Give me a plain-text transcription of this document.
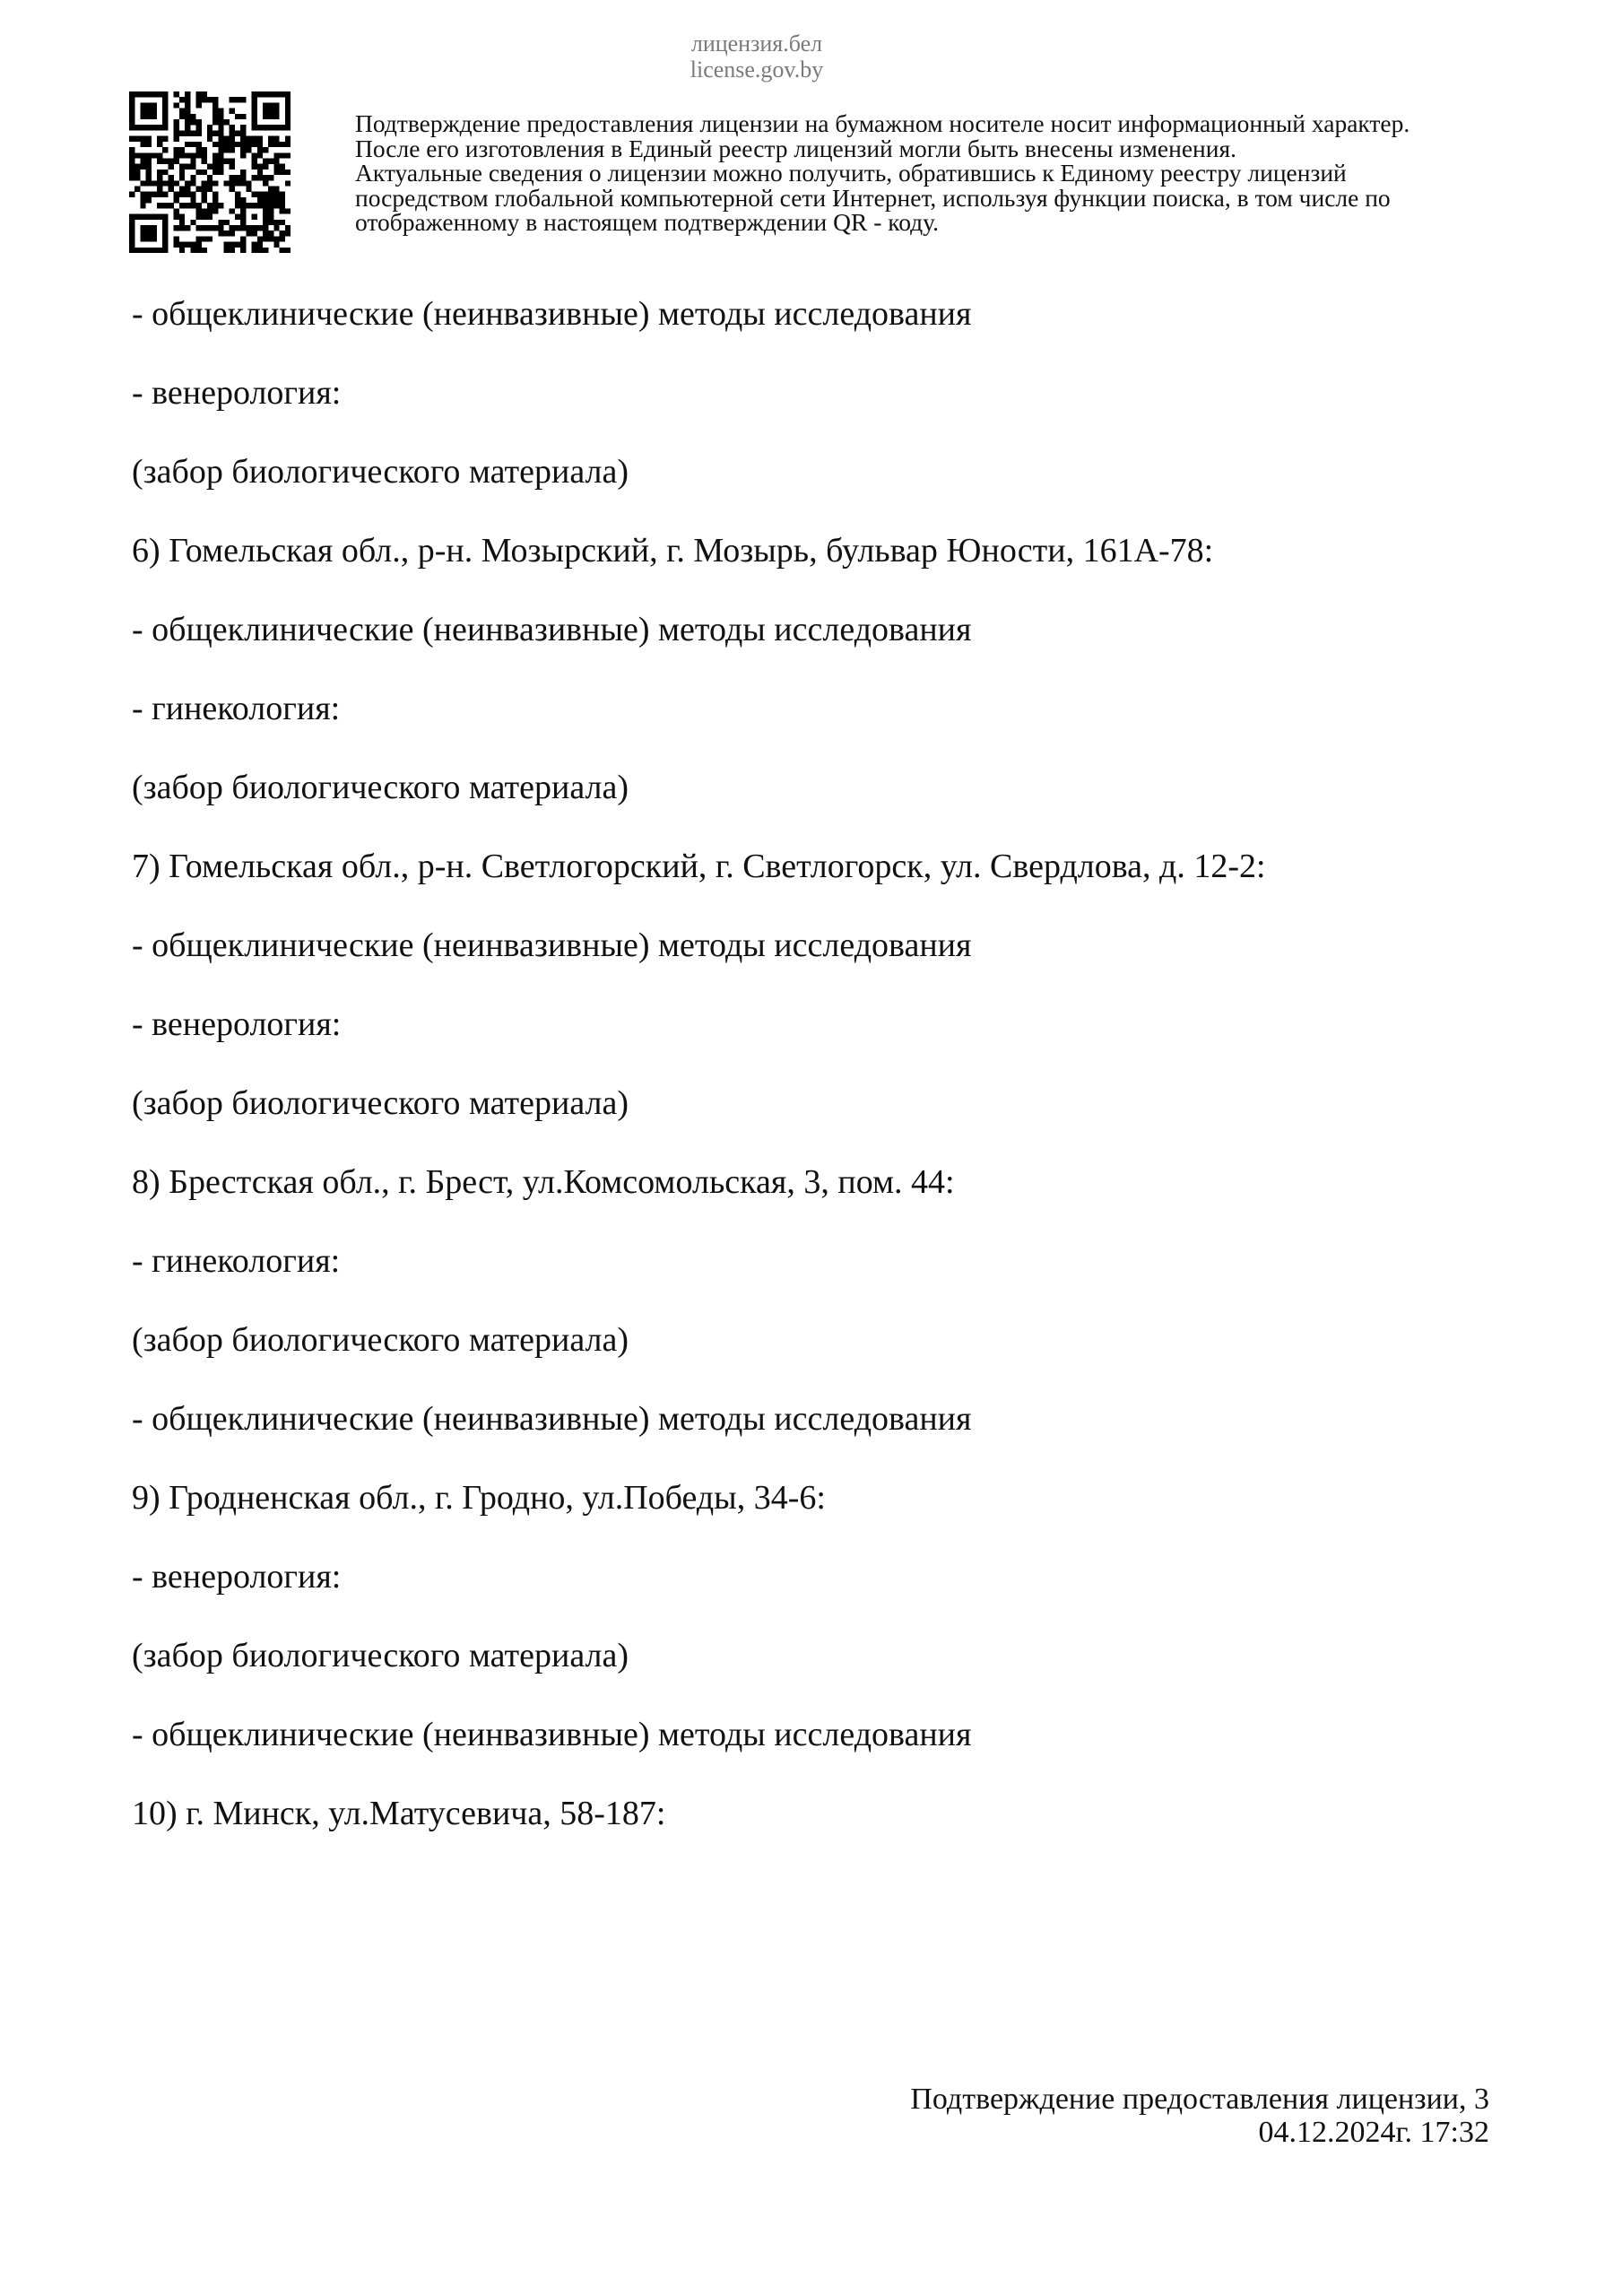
лицензия.бел
license.gov.by
Подтверждение предоставления лицензии на бумажном носителе носит информационный характер.
После его изготовления в Единый реестр лицензий могли быть внесены изменения.
Актуальные сведения о лицензии можно получить, обратившись к Единому реестру лицензий
посредством глобальной компьютерной сети Интернет, используя функции поиска, в том числе по
отображенному в настоящем подтверждении QR - коду.
- общеклинические (неинвазивные) методы исследования
- венерология:
(забор биологического материала)
6) Гомельская обл., р-н. Мозырский, г. Мозырь, бульвар Юности, 161А-78:
- общеклинические (неинвазивные) методы исследования
- гинекология:
(забор биологического материала)
7) Гомельская обл., р-н. Светлогорский, г. Светлогорск, ул. Свердлова, д. 12-2:
- общеклинические (неинвазивные) методы исследования
- венерология:
(забор биологического материала)
8) Брестская обл., г. Брест, ул.Комсомольская, 3, пом. 44:
- гинекология:
(забор биологического материала)
- общеклинические (неинвазивные) методы исследования
9) Гродненская обл., г. Гродно, ул.Победы, 34-6:
- венерология:
(забор биологического материала)
- общеклинические (неинвазивные) методы исследования
10) г. Минск, ул.Матусевича, 58-187:
Подтверждение предоставления лицензии, 3
04.12.2024г. 17:32
